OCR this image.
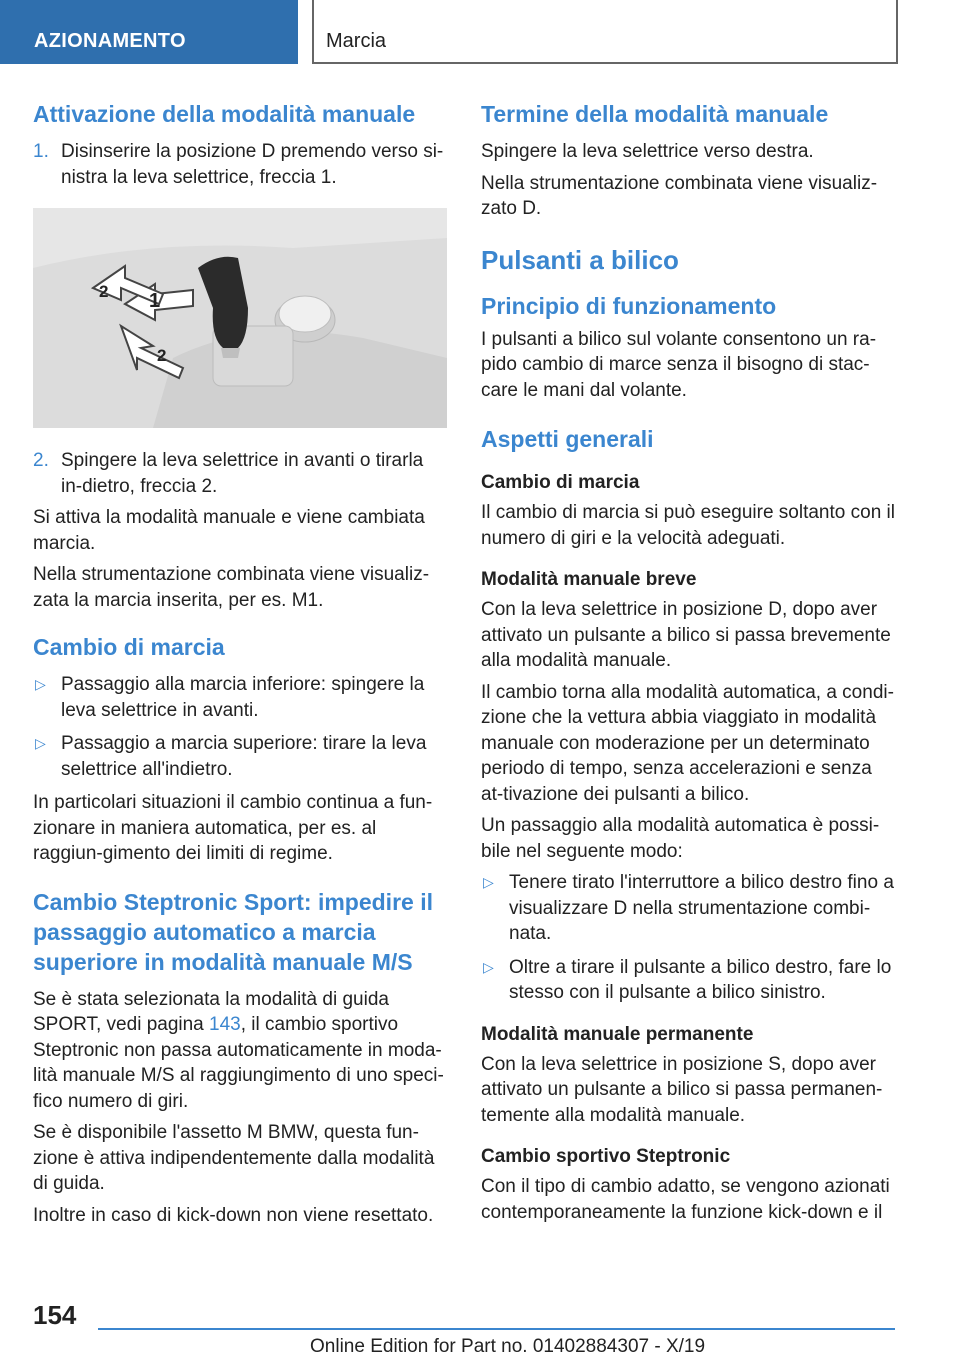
AZIONAMENTO	Marcia
Attivazione della modalità manuale
1. Disinserire la posizione D premendo verso si-nistra la leva selettrice, freccia 1.
1
2
2
2. Spingere la leva selettrice in avanti o tirarla in-dietro, freccia 2.

Si attiva la modalità manuale e viene cambiata marcia.

Nella strumentazione combinata viene visualiz-zata la marcia inserita, per es. M1.

Cambio di marcia
▷ Passaggio alla marcia inferiore: spingere la leva selettrice in avanti.
▷ Passaggio a marcia superiore: tirare la leva selettrice all'indietro.

In particolari situazioni il cambio continua a fun-zionare in maniera automatica, per es. al raggiun-gimento dei limiti di regime.

Cambio Steptronic Sport: impedire il passaggio automatico a marcia superiore in modalità manuale M/S

Se è stata selezionata la modalità di guida SPORT, vedi pagina 143, il cambio sportivo Steptronic non passa automaticamente in moda-lità manuale M/S al raggiungimento di uno speci-fico numero di giri.

Se è disponibile l'assetto M BMW, questa fun-zione è attiva indipendentemente dalla modalità di guida.

Inoltre in caso di kick-down non viene resettato.

Termine della modalità manuale

Spingere la leva selettrice verso destra.

Nella strumentazione combinata viene visualiz-zato D.

Pulsanti a bilico
Principio di funzionamento

I pulsanti a bilico sul volante consentono un ra-pido cambio di marce senza il bisogno di stac-care le mani dal volante.

Aspetti generali
Cambio di marcia

Il cambio di marcia si può eseguire soltanto con il numero di giri e la velocità adeguati.

Modalità manuale breve

Con la leva selettrice in posizione D, dopo aver attivato un pulsante a bilico si passa brevemente alla modalità manuale.

Il cambio torna alla modalità automatica, a condi-zione che la vettura abbia viaggiato in modalità manuale con moderazione per un determinato periodo di tempo, senza accelerazioni e senza at-tivazione dei pulsanti a bilico.

Un passaggio alla modalità automatica è possi-bile nel seguente modo:

▷ Tenere tirato l'interruttore a bilico destro fino a visualizzare D nella strumentazione combi-nata.
▷ Oltre a tirare il pulsante a bilico destro, fare lo stesso con il pulsante a bilico sinistro.
Modalità manuale permanente

Con la leva selettrice in posizione S, dopo aver attivato un pulsante a bilico si passa permanen-temente alla modalità manuale.

Cambio sportivo Steptronic

Con il tipo di cambio adatto, se vengono azionati contemporaneamente la funzione kick-down e il

154
Online Edition for Part no. 01402884307 - X/19
